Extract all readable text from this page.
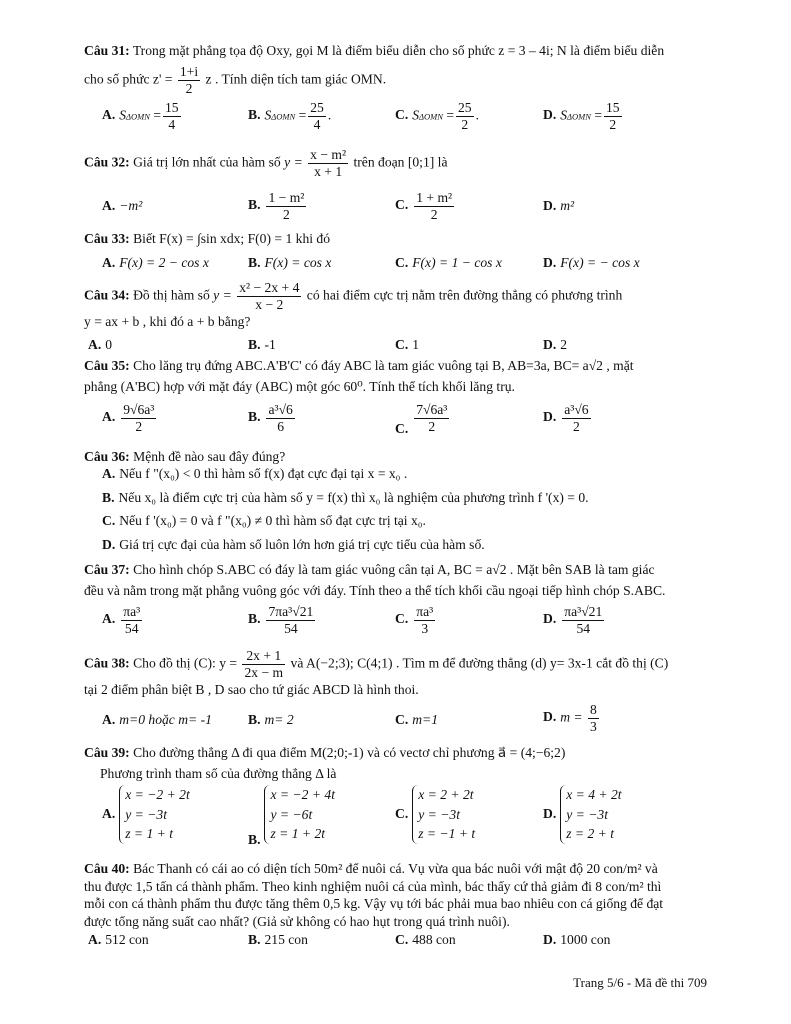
Câu 31: Trong mặt phẳng tọa độ Oxy, gọi M là điểm biểu diễn cho số phức z = 3 – 4i; N là điểm biểu diễn
cho số phức $z' = \frac{1+i}{2}$ z . Tính diện tích tam giác OMN.
A. $S\Delta OMN = \frac{15}{4}$	B. $S\Delta OMN = \frac{25}{4}$ .	C. $S\Delta OMN = \frac{25}{2}$ .	D. $S\Delta OMN = \frac{15}{2}$
Câu 32: Giá trị lớn nhất của hàm số $y = \frac{\text{x − m²}}{x + 1}$ trên đoạn [0;1] là
A. −m²	B. $\frac{\text{1 − m²}}{2}$	C. $\frac{\text{1 + m²}}{2}$	D. m²
Câu 33: Biết F(x) = ∫sin xdx; F(0) = 1 khi đó
A. F(x) = 2 − cos x	B. F(x) = cos x	C. F(x) = 1 − cos x	D. F(x) = − cos x
Câu 34: Đồ thị hàm số $y = \frac{\text{x² − 2x + 4}}{x - 2}$ có hai điểm cực trị nằm trên đường thẳng có phương trình
y = ax + b , khi đó a + b bằng?
A. 0	B. -1	C. 1	D. 2
Câu 35: Cho lăng trụ đứng ABC.A'B'C' có đáy ABC là tam giác vuông tại B, AB=3a, BC= a√2 , mặt
phẳng (A'BC) hợp với mặt đáy (ABC) một góc 60⁰. Tính thể tích khối lăng trụ.
A. $\frac{\text{9√6a³}}{2}$	B. $\frac{\text{a³√6}}{6}$	C. $\frac{\text{7√6a³}}{2}$	D. $\frac{\text{a³√6}}{2}$
Câu 36: Mệnh đề nào sau đây đúng?
A. Nếu f "(x₀) < 0 thì hàm số f(x) đạt cực đại tại x = x₀ .
B. Nếu x₀ là điểm cực trị của hàm số y = f(x) thì x₀ là nghiệm của phương trình f '(x) = 0.
C. Nếu f '(x₀) = 0 và f "(x₀) ≠ 0 thì hàm số đạt cực trị tại x₀.
D. Giá trị cực đại của hàm số luôn lớn hơn giá trị cực tiểu của hàm số.
Câu 37: Cho hình chóp S.ABC có đáy là tam giác vuông cân tại A, BC = a√2 . Mặt bên SAB là tam giác
đều và nằm trong mặt phẳng vuông góc với đáy. Tính theo a thể tích khối cầu ngoại tiếp hình chóp S.ABC.
A. $\frac{\text{πa³}}{54}$	B. $\frac{\text{7πa³√21}}{54}$	C. $\frac{\text{πa³}}{3}$	D. $\frac{\text{πa³√21}}{54}$
Câu 38: Cho đồ thị (C): $y = \frac{2x + 1}{2x - m}$ và A(−2;3); C(4;1) . Tìm m để đường thẳng (d) y= 3x-1 cắt đồ thị (C)
tại 2 điểm phân biệt B , D sao cho tứ giác ABCD là hình thoi.
A. m=0 hoặc m= -1	B. m= 2	C. m=1	D. $m = \frac{8}{3}$
Câu 39: Cho đường thẳng Δ đi qua điểm M(2;0;-1) và có vectơ chỉ phương a⃗ = (4;−6;2)
Phương trình tham số của đường thẳng Δ là
A.
x = −2 + 2t
y = −3t
z = 1 + t	B.
x = −2 + 4t
y = −6t
z = 1 + 2t
C.
x = 2 + 2t
y = −3t
z = −1 + t
D.
x = 4 + 2t
y = −3t
z = 2 + t
Câu 40: Bác Thanh có cái ao có diện tích 50m² để nuôi cá. Vụ vừa qua bác nuôi với mật độ 20 con/m² và
thu được 1,5 tấn cá thành phẩm. Theo kinh nghiệm nuôi cá của mình, bác thấy cứ thả giảm đi 8 con/m² thì
mỗi con cá thành phẩm thu được tăng thêm 0,5 kg. Vậy vụ tới bác phải mua bao nhiêu con cá giống để đạt
được tổng năng suất cao nhất? (Giả sử không có hao hụt trong quá trình nuôi).
A. 512 con	B. 215 con	C. 488 con	D. 1000 con
Trang 5/6 - Mã đề thi 709
